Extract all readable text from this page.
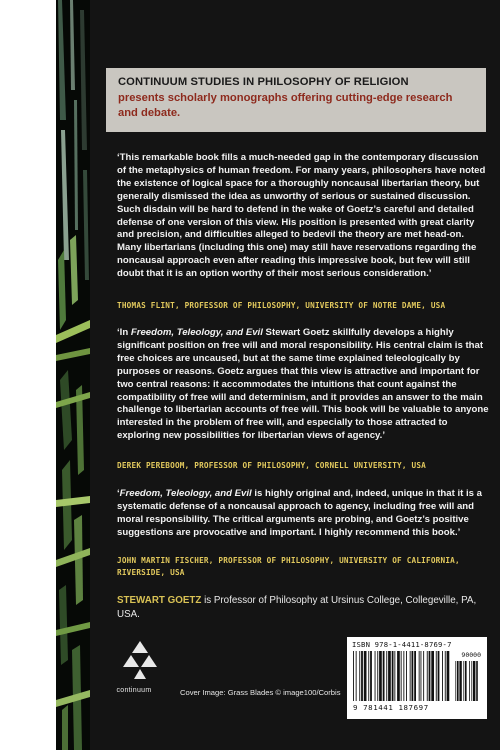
CONTINUUM STUDIES IN PHILOSOPHY OF RELIGION
presents scholarly monographs offering cutting-edge research and debate.
‘This remarkable book fills a much-needed gap in the contemporary discussion of the metaphysics of human freedom. For many years, philosophers have noted the existence of logical space for a thoroughly noncausal libertarian theory, but generally dismissed the idea as unworthy of serious or sustained discussion. Such disdain will be hard to defend in the wake of Goetz’s careful and detailed defense of one version of this view. His position is presented with great clarity and precision, and difficulties alleged to bedevil the theory are met head-on. Many libertarians (including this one) may still have reservations regarding the noncausal approach even after reading this impressive book, but few will still doubt that it is an option worthy of their most serious consideration.’
THOMAS FLINT, PROFESSOR OF PHILOSOPHY, UNIVERSITY OF NOTRE DAME, USA
‘In Freedom, Teleology, and Evil Stewart Goetz skillfully develops a highly significant position on free will and moral responsibility. His central claim is that free choices are uncaused, but at the same time explained teleologically by purposes or reasons. Goetz argues that this view is attractive and important for two central reasons: it accommodates the intuitions that count against the compatibility of free will and determinism, and it provides an answer to the main challenge to libertarian accounts of free will. This book will be valuable to anyone interested in the problem of free will, and especially to those attracted to exploring new possibilities for libertarian views of agency.’
DEREK PEREBOOM, PROFESSOR OF PHILOSOPHY, CORNELL UNIVERSITY, USA
‘Freedom, Teleology, and Evil is highly original and, indeed, unique in that it is a systematic defense of a noncausal approach to agency, including free will and moral responsibility. The critical arguments are probing, and Goetz’s positive suggestions are provocative and important. I highly recommend this book.’
JOHN MARTIN FISCHER, PROFESSOR OF PHILOSOPHY, UNIVERSITY OF CALIFORNIA, RIVERSIDE, USA
STEWART GOETZ is Professor of Philosophy at Ursinus College, Collegeville, PA, USA.
continuum	Cover Image: Grass Blades © image100/Corbis
ISBN 978-1-4411-8769-7
90000
9 781441 187697
